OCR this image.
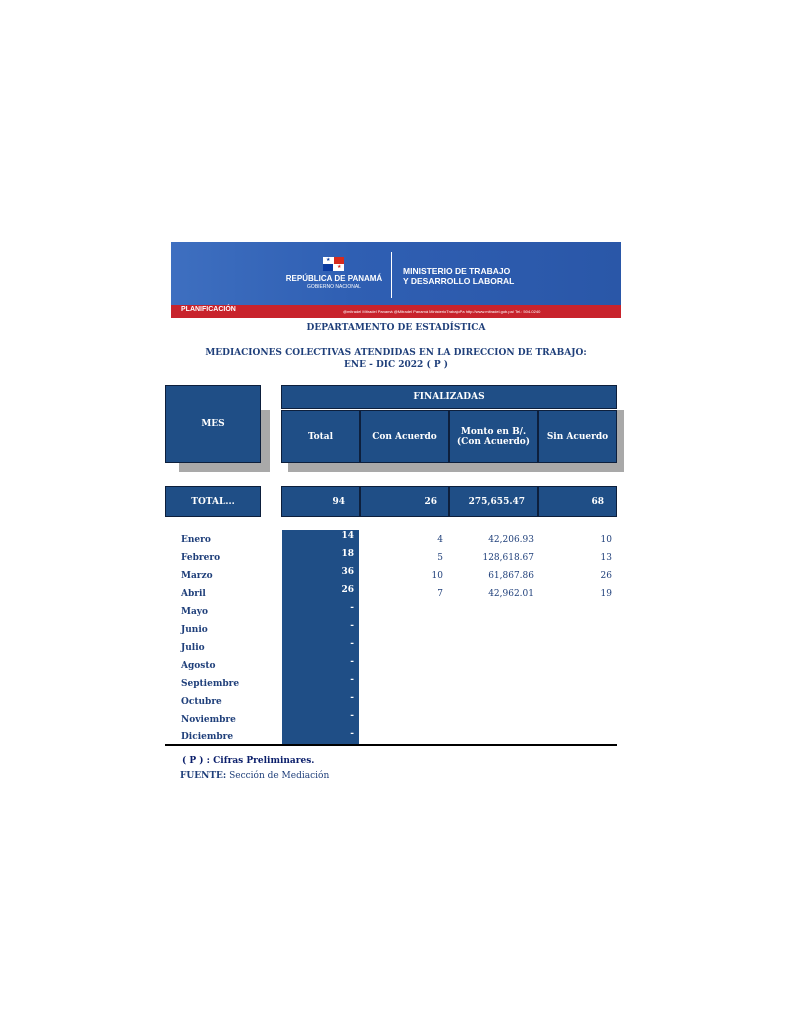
★
★
REPÚBLICA DE PANAMÁ
GOBIERNO NACIONAL
MINISTERIO DE TRABAJO
Y DESARROLLO LABORAL
PLANIFICACIÓN	@mitradel Mitradel Panamá @Mitradel Panamá MinisterioTrabajoPa http://www.mitradel.gob.pa/ Tel.: 504-0240
DEPARTAMENTO DE ESTADÍSTICA
MEDIACIONES COLECTIVAS ATENDIDAS EN LA DIRECCION DE TRABAJO:
ENE - DIC 2022 ( P )
MES
FINALIZADAS
Total	Con Acuerdo	Monto en B/. (Con Acuerdo)	Sin Acuerdo
TOTAL...	94	26	275,655.47	68
Enero	14	4	42,206.93	10
Febrero	18	5	128,618.67	13
Marzo	36	10	61,867.86	26
Abril	26	7	42,962.01	19
Mayo	-
Junio	-
Julio	-
Agosto	-
Septiembre	-
Octubre	-
Noviembre	-
Diciembre	-
( P ) : Cifras Preliminares.
FUENTE: Sección de Mediación
